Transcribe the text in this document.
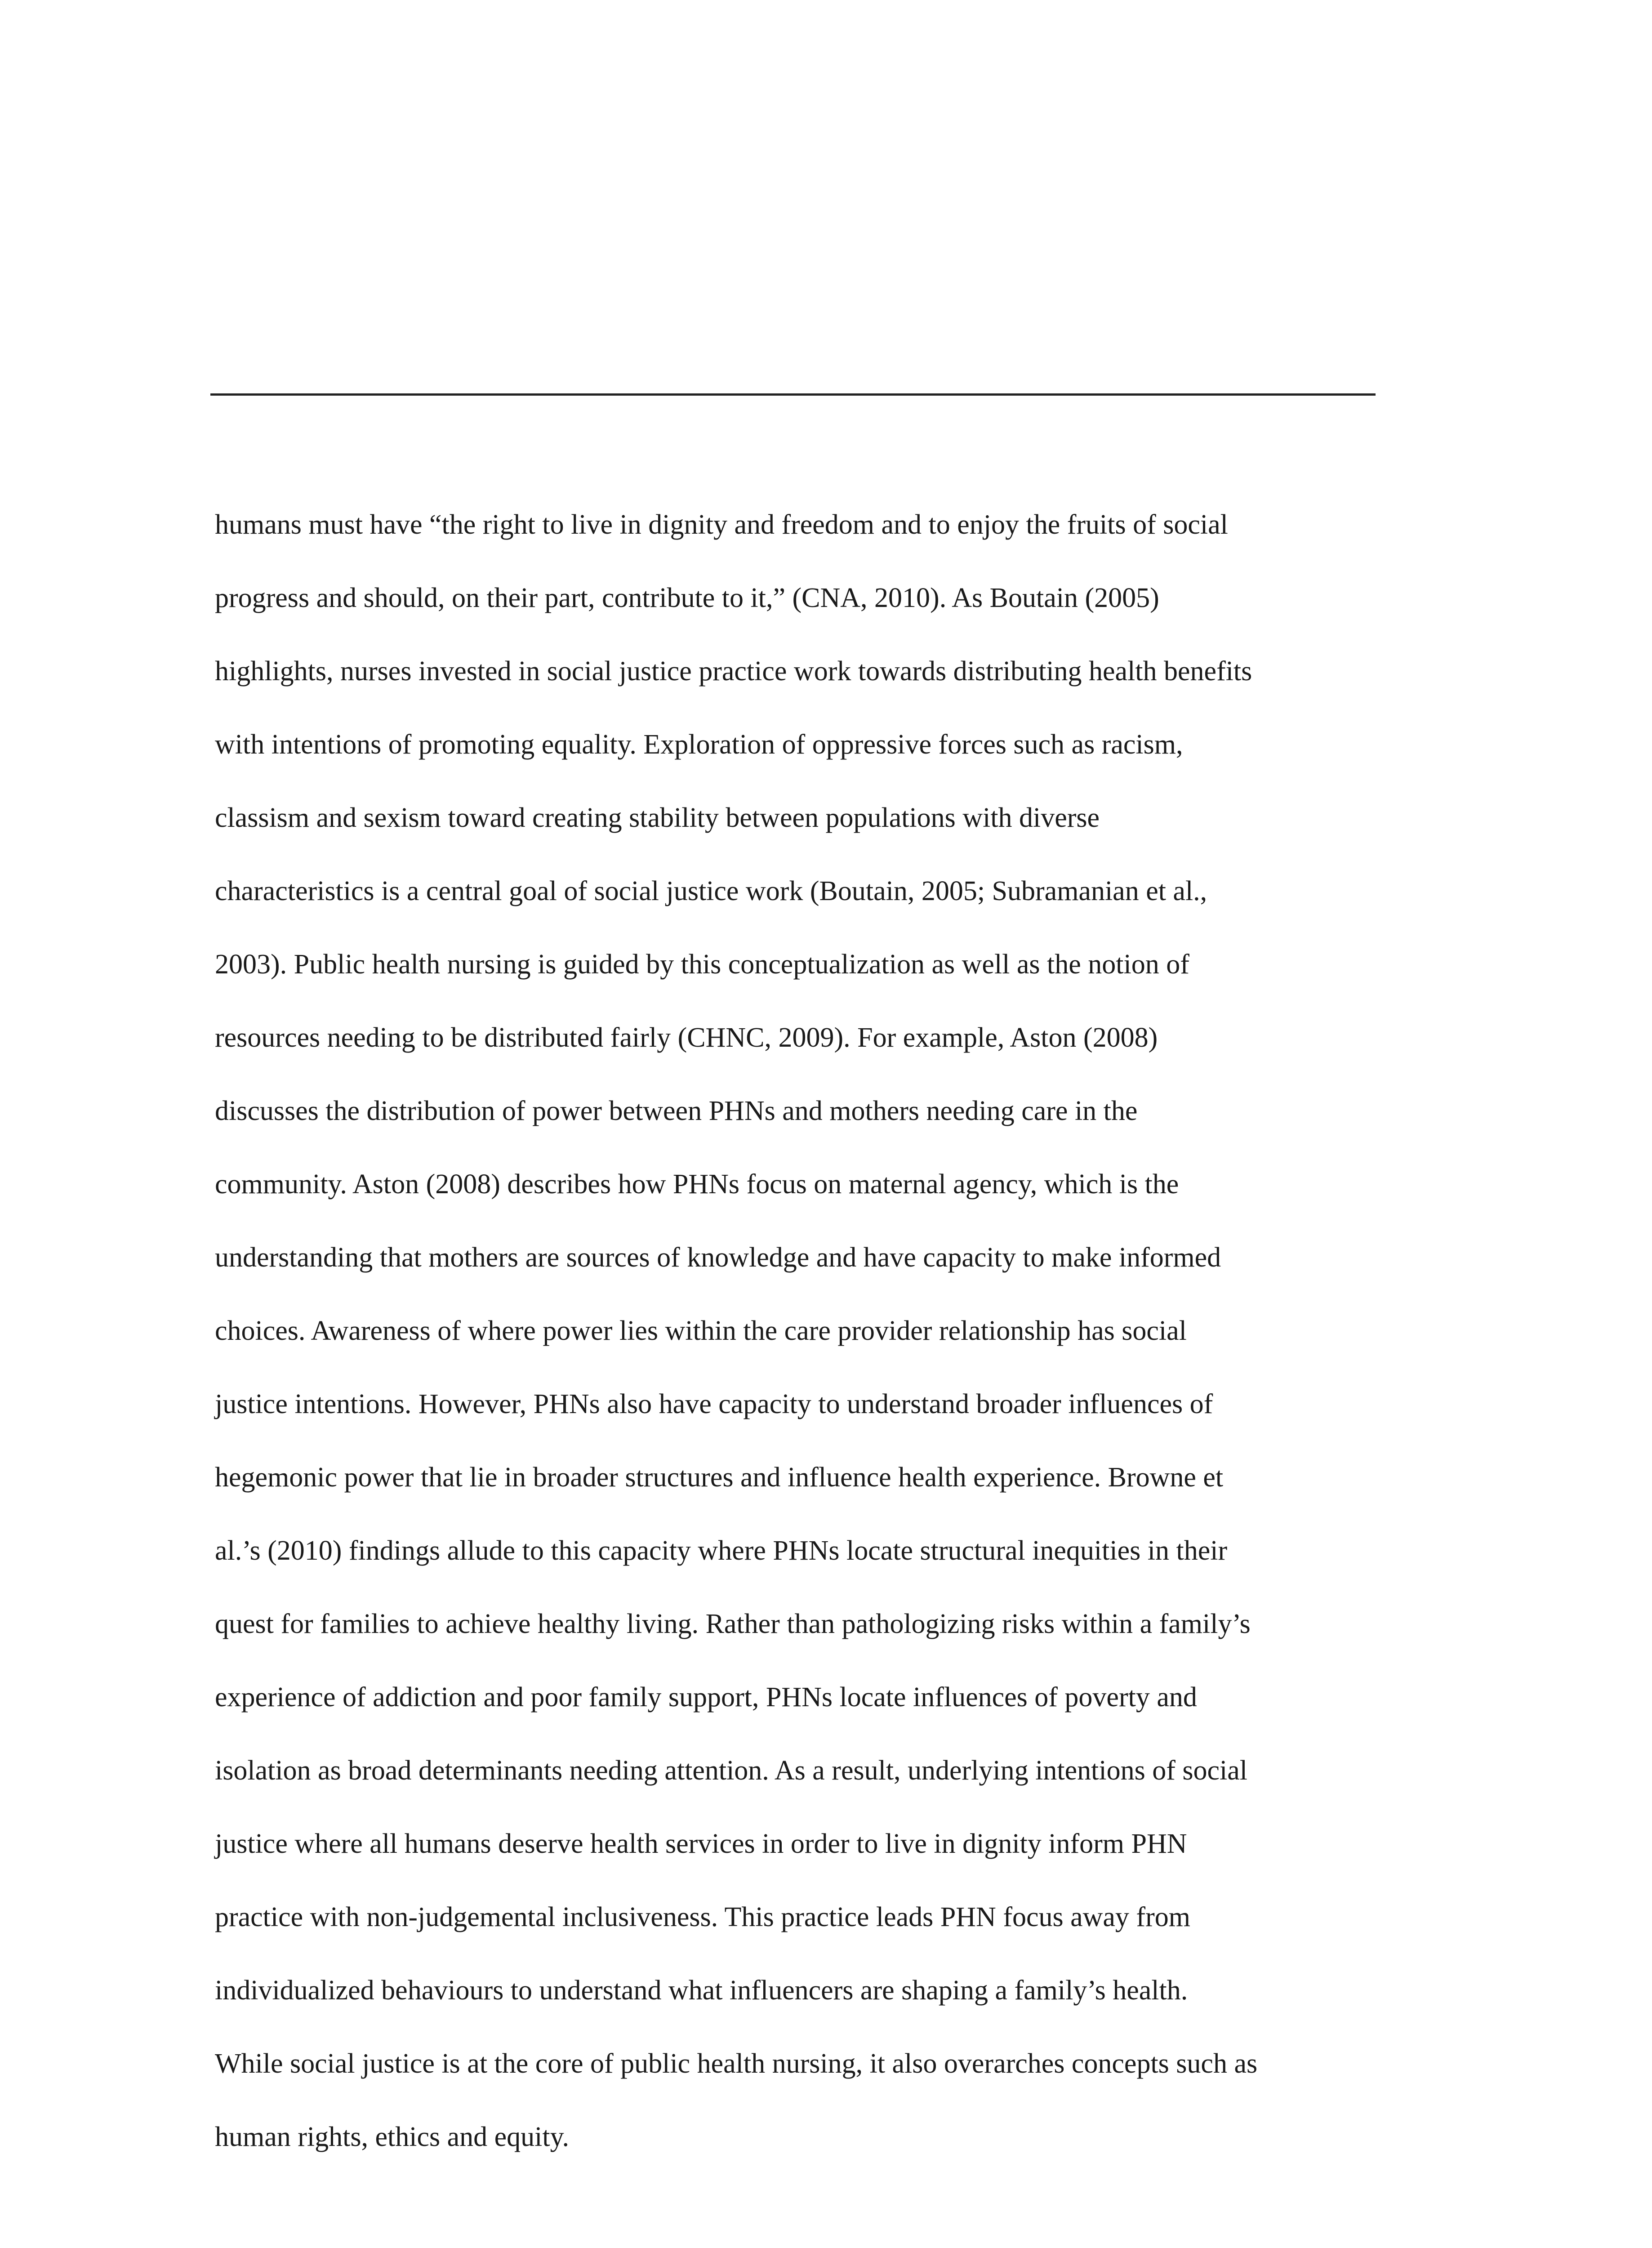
humans must have “the right to live in dignity and freedom and to enjoy the fruits of social
progress and should, on their part, contribute to it,” (CNA, 2010). As Boutain (2005)
highlights, nurses invested in social justice practice work towards distributing health benefits
with intentions of promoting equality. Exploration of oppressive forces such as racism,
classism and sexism toward creating stability between populations with diverse
characteristics is a central goal of social justice work (Boutain, 2005; Subramanian et al.,
2003). Public health nursing is guided by this conceptualization as well as the notion of
resources needing to be distributed fairly (CHNC, 2009). For example, Aston (2008)
discusses the distribution of power between PHNs and mothers needing care in the
community. Aston (2008) describes how PHNs focus on maternal agency, which is the
understanding that mothers are sources of knowledge and have capacity to make informed
choices. Awareness of where power lies within the care provider relationship has social
justice intentions. However, PHNs also have capacity to understand broader influences of
hegemonic power that lie in broader structures and influence health experience. Browne et
al.’s (2010) findings allude to this capacity where PHNs locate structural inequities in their
quest for families to achieve healthy living. Rather than pathologizing risks within a family’s
experience of addiction and poor family support, PHNs locate influences of poverty and
isolation as broad determinants needing attention. As a result, underlying intentions of social
justice where all humans deserve health services in order to live in dignity inform PHN
practice with non-judgemental inclusiveness. This practice leads PHN focus away from
individualized behaviours to understand what influencers are shaping a family’s health.
While social justice is at the core of public health nursing, it also overarches concepts such as
human rights, ethics and equity.
